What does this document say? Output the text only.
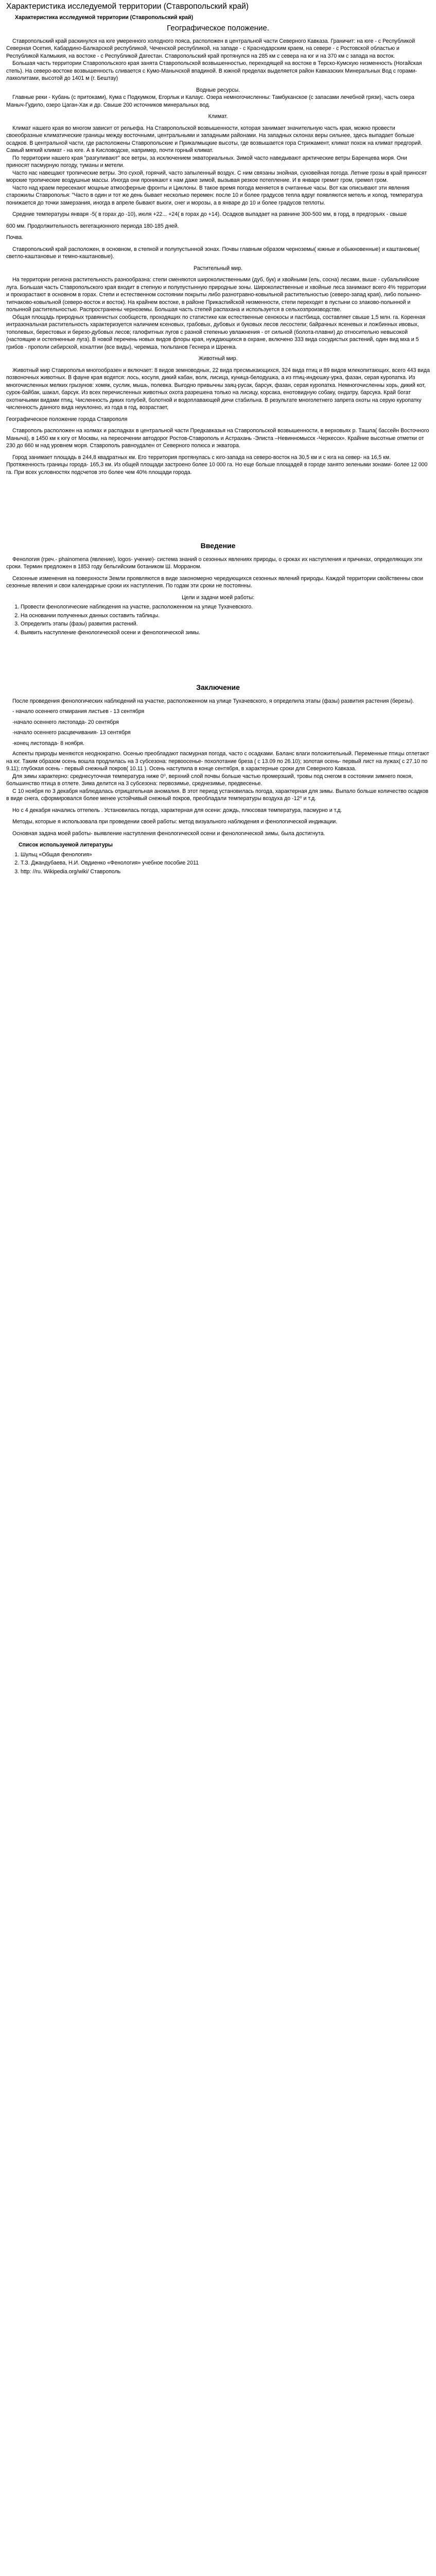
Характеристика исследуемой территории (Ставропольский край)
Характеристика исследуемой территории (Ставропольский край)
Географическое положение.

Ставропольский край раскинулся на юге умеренного холодного пояса, расположен в центральной части Северного Кавказа. Граничит: на юге - с Республикой Северная Осетия, Кабардино-Балкарской республикой, Чеченской республикой, на западе - с Краснодарским краем, на севере - с Ростовской областью и Республикой Калмыкия, на востоке - с Республикой Дагестан. Ставропольский край протянулся на 285 км с севера на юг и на 370 км с запада на восток.

Большая часть территории Ставропольского края занята Ставропольской возвышенностью, переходящей на востоке в Терско-Кумскую низменность (Ногайская степь). На северо-востоке возвышенность сливается с Кумо-Манычской впадиной. В южной пределах выделяется район Кавказских Минеральных Вод с горами-лакколитами, высотой до 1401 м (г. Бештау)

Водные ресурсы.

Главные реки - Кубань (с притоками), Кума с Подкумком, Егорлык и Калаус. Озера немногочисленны: Тамбуканское (с запасами лечебной грязи), часть озера Маныч-Гудило, озеро Цаган-Хак и др. Свыше 200 источников минеральных вод.

Климат.

Климат нашего края во многом зависит от рельефа. На Ставропольской возвышенности, которая занимает значительную часть края, можно провести своеобразные климатические границы между восточными, центральными и западными районами. На западных склонах веры сильнее, здесь выпадает больше осадков. В центральной части, где расположены Ставропольские и Прикалмыцкие высоты, где возвышается гора Стрижамент, климат похож на климат предгорий. Самый мягкий климат - на юге. А в Кисловодске, например, почти горный климат.

По территории нашего края "разгуливают" все ветры, за исключением экваториальных. Зимой часто наведывают арктические ветры Баренцева моря. Они приносят пасмурную погоду, туманы и метели.

Часто нас навещают тропические ветры. Это сухой, горячий, часто запыленный воздух. С ним связаны знойная, суховейная погода. Летние грозы в край приносят морские тропические воздушные массы. Иногда они проникают к нам даже зимой, вызывая резкое потепление. И в январе гремит гром, гремел гром.

Часто над краем пересекают мощные атмосферные фронты и Циклоны. В такое время погода меняется в считанные часы. Вот как описывают эти явления старожилы Ставрополья: "Часто в один и тот же день бывает несколько перемен: после 10 и более градусов тепла вдруг появляются метель и холод, температура понижается до точки замерзания, иногда в апреле бывают вьюги, снег и морозы, а в январе до 10 и более градусов теплоты.

Средние температуры января -5( в горах до -10), июля +22... +24( в горах до +14). Осадков выпадает на равнине 300-500 мм, в горд, в предгорьях - свыше

600 мм. Продолжительность вегетационного периода 180-185 дней.

Почва.

Ставропольский край расположен, в основном, в степной и полупустынной зонах. Почвы главным образом черноземы( южные и обыкновенные) и каштановые( светло-каштановые и темно-каштановые).

Растительный мир.

На территории региона растительность разнообразна: степи сменяются широколиственными (дуб, бук) и хвойными (ель, сосна) лесами, выше - субальпийские луга. Большая часть Ставропольского края входит в степную и полупустынную природные зоны. Широколиственные и хвойные леса занимают всего 4% территории и произрастают в основном в горах. Степи и естественном состоянии покрыты либо разнотравно-ковыльной растительностью (северо-запад края), либо полынно-типчаково-ковыльной (северо-восток и восток). На крайнем востоке, в районе Прикаспийской низменности, степи переходят в пустыни со злаково-полынной и полынной растительностью. Распространены черноземы. Большая часть степей распахана и используется в сельхозпроизводстве.

Общая площадь природных травянистых сообществ, проходящих по статистике как естественные сенокосы и пастбища, составляет свыше 1,5 млн. га. Коренная интразональная растительность характеризуется наличием ксеновых, грабовых, дубовых и буковых лесов лесостепи; байрачных ясеневых и ложбинных ивовых, тополевых, берестовых и березо-дубовых лесов; галофитных лугов с разной степенью увлажнения - от сильной (болота-плавни) до относительно невысокой (настоящие и остепненные луга). В новой перечень новых видов флоры края, нуждающихся в охране, включено 333 вида сосудистых растений, один вид мха и 5 грибов - прополи сибирской, кохалтии (все виды), черемша, тюльпанов Геснера и Шренка.

Животный мир.

Животный мир Ставрополья многообразен и включает: 8 видов земноводных, 22 вида пресмыкающихся, 324 вида птиц и 89 видов млекопитающих, всего 443 вида позвоночных животных. В фауне края водятся: лось, косуля, дикий кабан, волк, лисица, куница-белодушка, а из птиц-индюшку-урка, фазан, серая куропатка. Из многочисленных мелких грызунов: хомяк, суслик, мышь, полевка. Выгодно привычны заяц-русак, барсук, фазан, серая куропатка. Немногочисленны хорь, дикий кот, сурок-байбак, шакал, барсук. Из всех перечисленных животных охота разрешена только на лисицу, корсака, енотовидную собаку, ондатру, барсука. Край богат охотничьими видами птиц. Численность диких голубей, болотной и водоплавающей дичи стабильна. В результате многолетнего запрета охоты на серую куропатку численность данного вида неуклонно, из года в год, возрастает,

Географическое положение города Ставрополя

Ставрополь расположен на холмах и распадках в центральной части Предкавказья на Ставропольской возвышенности, в верховьях р. Ташла( бассейн Восточного Маныча), в 1450 км к югу от Москвы, на пересечении автодорог Ростов-Ставрополь и Астрахань -Элиста –Невинномысск -Черкесск». Крайние высотные отметки от 230 до 660 м над уровнем моря. Ставрополь равноудален от Северного полюса и экватора.

Город занимает площадь в 244,8 квадратных км. Его территория протянулась с юго-запада на северо-восток на 30,5 км и с юга на север- на 16,5 км. Протяженность границы города- 165,3 км. Из общей площади застроено более 10 000 га. Но еще больше площадей в городе занято зелеными зонами- более 12 000 га. При всех условностях подсчетов это более чем 40% площади города.

Введение

Фенология (греч.- phainomena (явление), logos- учение)- система знаний о сезонных явлениях природы, о сроках их наступления и причинах, определяющих эти сроки. Термин предложен в 1853 году бельгийским ботаником Ш. Морраном.

Сезонные изменения на поверхности Земли проявляются в виде закономерно чередующихся сезонных явлений природы. Каждой территории свойственны свои сезонные явления и свои календарные сроки их наступления. По годам эти сроки не постоянны.

Цели и задачи моей работы:
1. Провести фенологические наблюдения на участке, расположенном на улице Тухачевского.
2. На основании полученных данных составить таблицы.
3. Определить этапы (фазы) развития растений.
4. Выявить наступление фенологической осени и фенологической зимы.
Заключение

После проведения фенологических наблюдений на участке, расположенном на улице Тухачевского, я определила этапы (фазы) развития растения (березы).

- начало осеннего отмирания листьев - 13 сентября
-начало осеннего листопада- 20 сентября
-начало осеннего расцвечивания- 13 сентября
-конец листопада- 8 ноября.

Аспекты природы меняются неоднократно. Осенью преобладают пасмурная погода, часто с осадками. Баланс влаги положительный. Переменные птицы отлетают на юг. Таким образом осень вошла продлилась на 3 субсезона: первоосенье- похолотание бреза ( с 13.09 по 26.10); золотая осень- первый лист на лужах( с 27.10 по 9.11); глубокая осень - первый снежный покров( 10.11 ). Осень наступила в конце сентября, в характерные сроки для Северного Кавказа.

Для зимы характерно: среднесуточная температура ниже 0⁰, верхний слой почвы больше частью промерзший, тровы под снегом в состоянии зимнего покоя, большинство птица в отлете. Зима делится на 3 субсезона: первозимье, среднезимье, предвесенье.

С 10 ноября по 3 декабря наблюдалась отрицательная аномалия. В этот период установилась погода, характерная для зимы. Выпало больше количество осадков в виде снега, сформировался более менее устойчивый снежный покров, преобладали температуры воздуха до -12⁰ и т.д.

Но с 4 декабря начались оттепель . Установилась погода, характерная для осени: дождь, плюсовая температура, пасмурно и т.д.

Методы, которые я использовала при проведении своей работы: метод визуального наблюдения и фенологической индикации.

Основная задача моей работы- выявление наступления фенологической осени и фенологической зимы, была достигнута.

Список используемой литературы
1. Шульц «Общая фенология»
2. Т.З. Джандубаева, Н.И. Овдиенко «Фенология» учебное пособие 2011
3. http: //ru. Wikipedia.org/wiki/ Ставрополь
